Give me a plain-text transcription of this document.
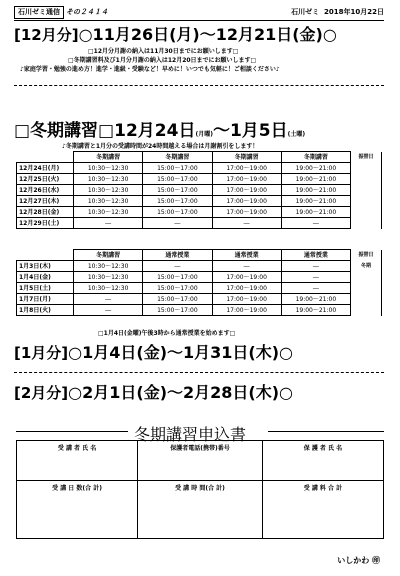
石川ゼミ通信 その２４１４	石川ゼミ 2018年10月22日
[12月分]○11月26日(月)～12月21日(金)○
□12月分月謝の納入は11月30日までにお願いします□
□冬期講習料及び1月分月謝の納入は12月20日までにお願いします□
♪家庭学習・勉強の進め方！進学・進級・受験など！早めに！いつでも気軽に！ご相談ください♪
□冬期講習□12月24日(月曜)～1月5日(土曜)
♪冬期講習と1月分の受講時間が24時間越える場合は月謝割引をします！
	冬期講習	冬期講習	冬期講習	冬期講習	振替日
12月24日(月)	10:30～12:30	15:00～17:00	17:00～19:00	19:00～21:00	
12月25日(火)	10:30～12:30	15:00～17:00	17:00～19:00	19:00～21:00	
12月26日(水)	10:30～12:30	15:00～17:00	17:00～19:00	19:00～21:00	
12月27日(木)	10:30～12:30	15:00～17:00	17:00～19:00	19:00～21:00	
12月28日(金)	10:30～12:30	15:00～17:00	17:00～19:00	19:00～21:00	
12月29日(土)	―	―	―	―	
	冬期講習	通常授業	通常授業	通常授業	振替日
1月3日(木)	10:30～12:30	―	―	―	冬期
1月4日(金)	10:30～12:30	15:00～17:00	17:00～19:00	―	
1月5日(土)	10:30～12:30	15:00～17:00	17:00～19:00	―	
1月7日(月)	―	15:00～17:00	17:00～19:00	19:00～21:00	
1月8日(火)	―	15:00～17:00	17:00～19:00	19:00～21:00	
□1月4日(金曜)午後3時から通常授業を始めます□
[1月分]○1月4日(金)～1月31日(木)○
[2月分]○2月1日(金)～2月28日(木)○
冬期講習申込書
受 講 者 氏 名	保護者電話(携帯)番号	保 護 者 氏 名
受 講 日 数(合 計)	受 講 時 間(合 計)	受 講 料 合 計
いしかわ ㊞
